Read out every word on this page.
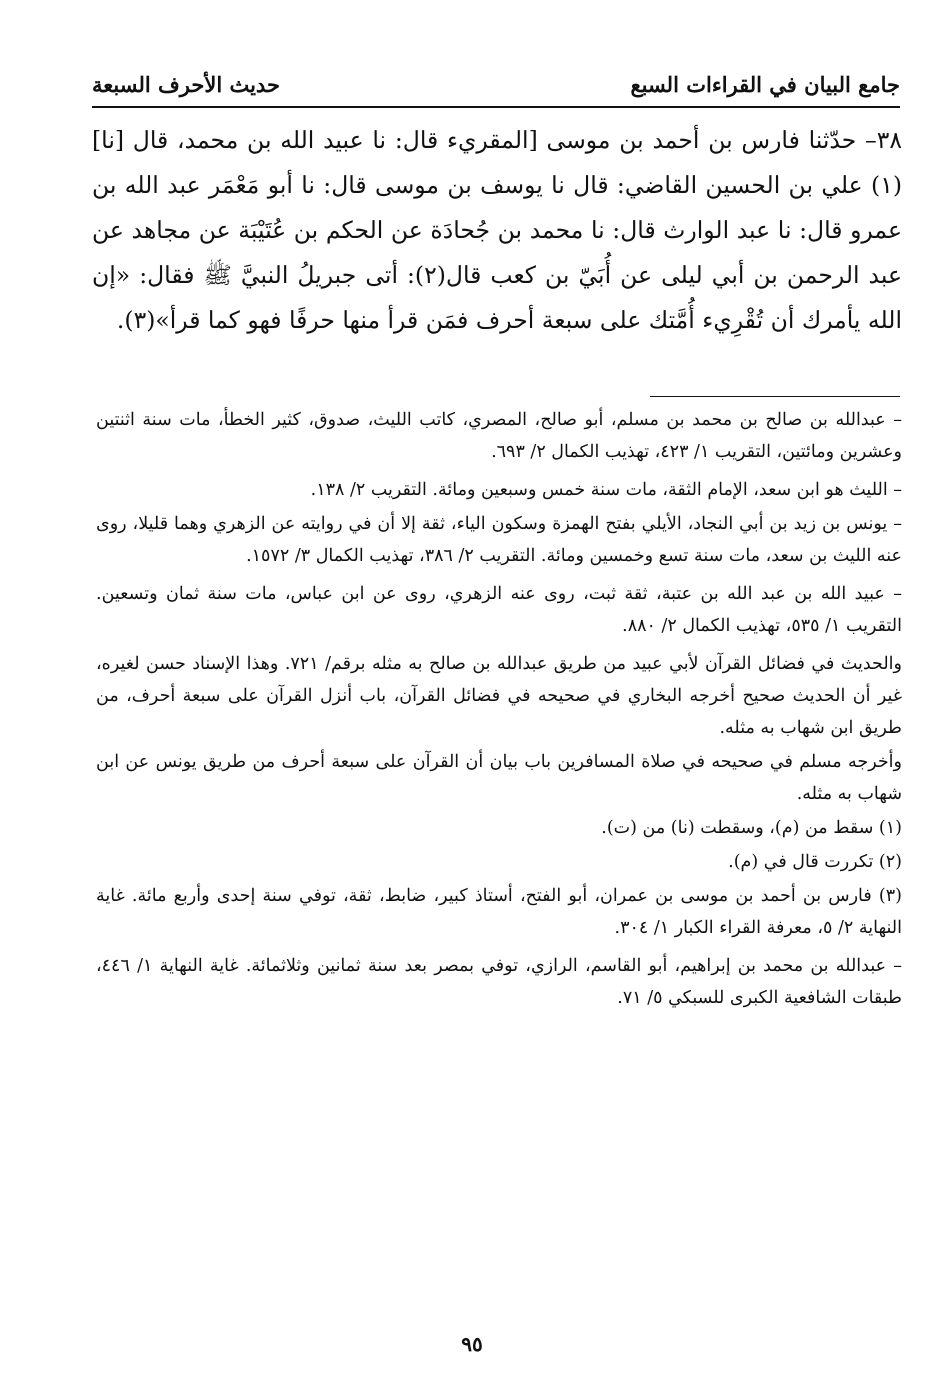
جامع البيان في القراءات السبع
حديث الأحرف السبعة

٣٨– حدّثنا فارس بن أحمد بن موسى [المقريء قال: نا عبيد الله بن محمد، قال [نا](١) علي بن الحسين القاضي: قال نا يوسف بن موسى قال: نا أبو مَعْمَر عبد الله بن عمرو قال: نا عبد الوارث قال: نا محمد بن جُحادَة عن الحكم بن عُتَيْبَة عن مجاهد عن عبد الرحمن بن أبي ليلى عن أُبَيّ بن كعب قال(٢): أتى جبريلُ النبيَّ ﷺ فقال: «إن الله يأمرك أن تُقْرِيء أُمَّتك على سبعة أحرف فمَن قرأ منها حرفًا فهو كما قرأ»(٣).

– عبدالله بن صالح بن محمد بن مسلم، أبو صالح، المصري، كاتب الليث، صدوق، كثير الخطأ، مات سنة اثنتين وعشرين ومائتين، التقريب ١/ ٤٢٣، تهذيب الكمال ٢/ ٦٩٣.

– الليث هو ابن سعد، الإمام الثقة، مات سنة خمس وسبعين ومائة. التقريب ٢/ ١٣٨.

– يونس بن زيد بن أبي النجاد، الأيلي بفتح الهمزة وسكون الياء، ثقة إلا أن في روايته عن الزهري وهما قليلا، روى عنه الليث بن سعد، مات سنة تسع وخمسين ومائة. التقريب ٢/ ٣٨٦، تهذيب الكمال ٣/ ١٥٧٢.

– عبيد الله بن عبد الله بن عتبة، ثقة ثبت، روى عنه الزهري، روى عن ابن عباس، مات سنة ثمان وتسعين. التقريب ١/ ٥٣٥، تهذيب الكمال ٢/ ٨٨٠.

والحديث في فضائل القرآن لأبي عبيد من طريق عبدالله بن صالح به مثله برقم/ ٧٢١. وهذا الإسناد حسن لغيره، غير أن الحديث صحيح أخرجه البخاري في صحيحه في فضائل القرآن، باب أنزل القرآن على سبعة أحرف، من طريق ابن شهاب به مثله.

وأخرجه مسلم في صحيحه في صلاة المسافرين باب بيان أن القرآن على سبعة أحرف من طريق يونس عن ابن شهاب به مثله.

(١) سقط من (م)، وسقطت (نا) من (ت).

(٢) تكررت قال في (م).

(٣) فارس بن أحمد بن موسى بن عمران، أبو الفتح، أستاذ كبير، ضابط، ثقة، توفي سنة إحدى وأربع مائة. غاية النهاية ٢/ ٥، معرفة القراء الكبار ١/ ٣٠٤.

– عبدالله بن محمد بن إبراهيم، أبو القاسم، الرازي، توفي بمصر بعد سنة ثمانين وثلاثمائة. غاية النهاية ١/ ٤٤٦، طبقات الشافعية الكبرى للسبكي ٥/ ٧١.

٩٥
